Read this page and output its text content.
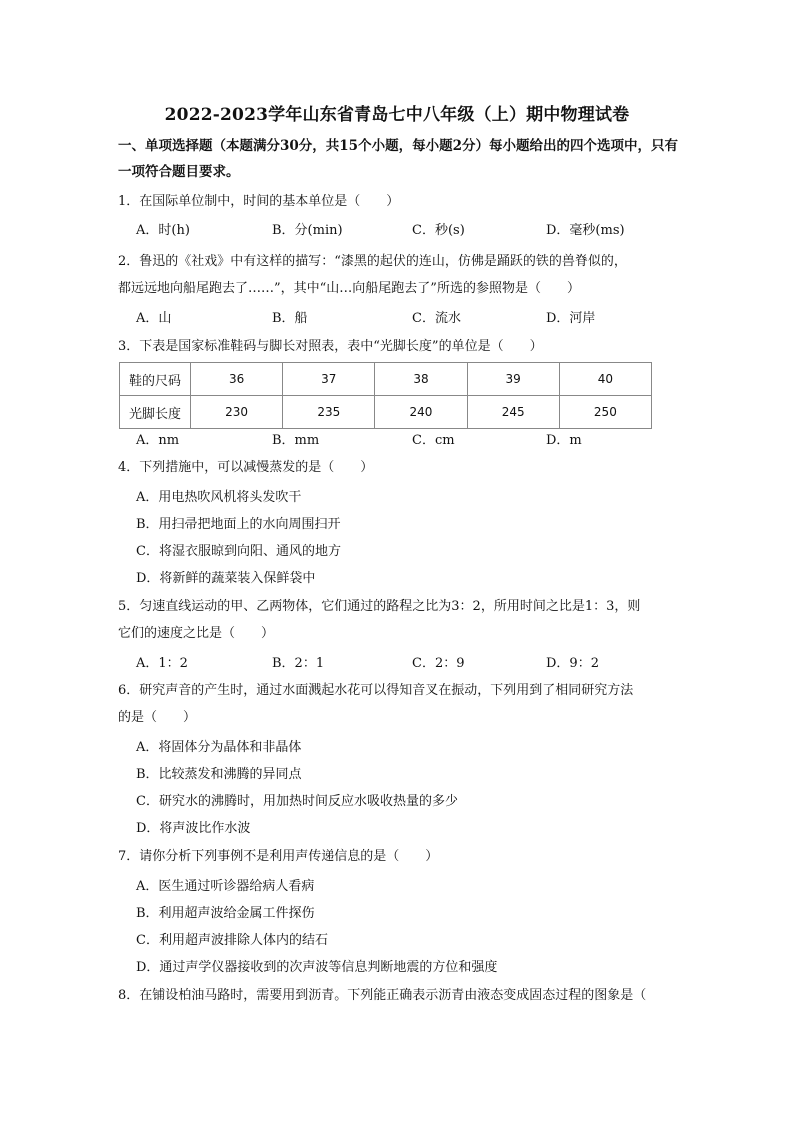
2022-2023学年山东省青岛七中八年级（上）期中物理试卷
一、单项选择题（本题满分30分，共15个小题，每小题2分）每小题给出的四个选项中，只有一项符合题目要求。
1．在国际单位制中，时间的基本单位是（　　）
A．时(h)	B．分(min)	C．秒(s)	D．毫秒(ms)
2．鲁迅的《社戏》中有这样的描写：“漆黑的起伏的连山，仿佛是踊跃的铁的兽脊似的，
都远远地向船尾跑去了……”，其中“山…向船尾跑去了”所选的参照物是（　　）
A．山	B．船	C．流水	D．河岸
3．下表是国家标准鞋码与脚长对照表，表中“光脚长度”的单位是（　　）
鞋的尺码	36	37	38	39	40
光脚长度	230	235	240	245	250
A．nm	B．mm	C．cm	D．m
4．下列措施中，可以减慢蒸发的是（　　）
A．用电热吹风机将头发吹干
B．用扫帚把地面上的水向周围扫开
C．将湿衣服晾到向阳、通风的地方
D．将新鲜的蔬菜装入保鲜袋中
5．匀速直线运动的甲、乙两物体，它们通过的路程之比为3：2，所用时间之比是1：3，则
它们的速度之比是（　　）
A．1：2	B．2：1	C．2：9	D．9：2
6．研究声音的产生时，通过水面溅起水花可以得知音叉在振动，下列用到了相同研究方法
的是（　　）
A．将固体分为晶体和非晶体
B．比较蒸发和沸腾的异同点
C．研究水的沸腾时，用加热时间反应水吸收热量的多少
D．将声波比作水波
7．请你分析下列事例不是利用声传递信息的是（　　）
A．医生通过听诊器给病人看病
B．利用超声波给金属工件探伤
C．利用超声波排除人体内的结石
D．通过声学仪器接收到的次声波等信息判断地震的方位和强度
8．在铺设柏油马路时，需要用到沥青。下列能正确表示沥青由液态变成固态过程的图象是（
